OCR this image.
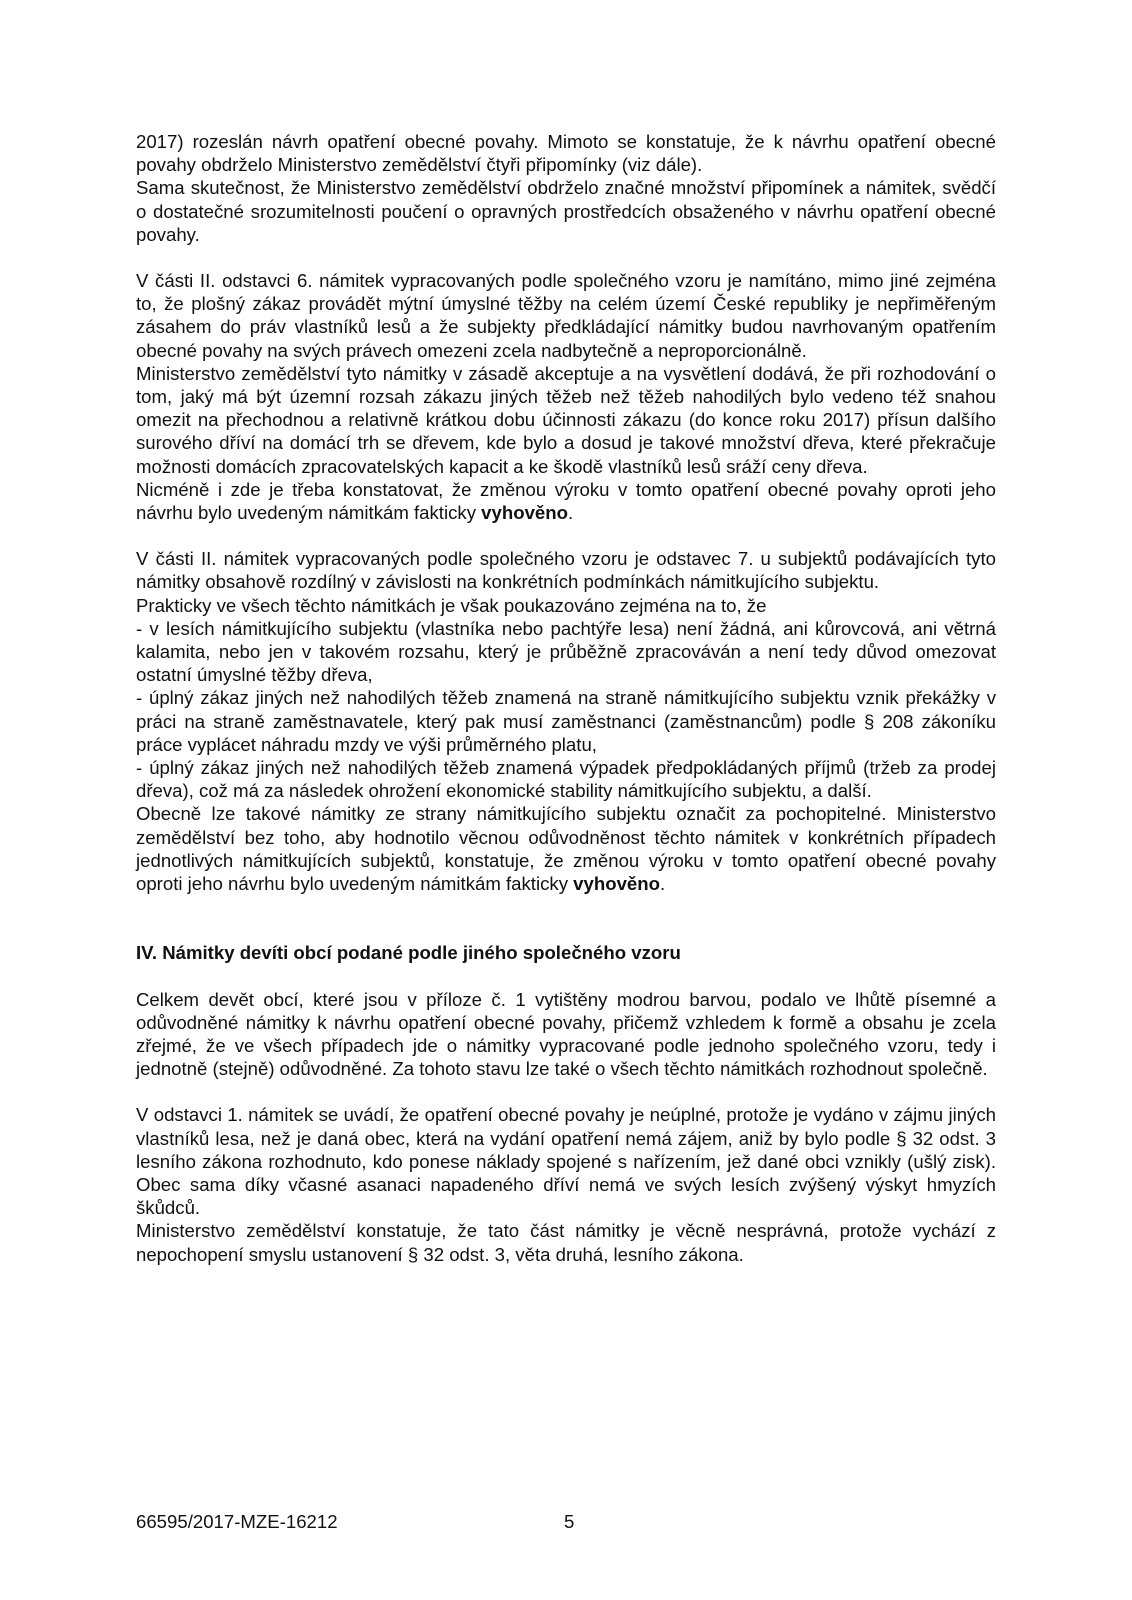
2017) rozeslán návrh opatření obecné povahy. Mimoto se konstatuje, že k návrhu opatření obecné povahy obdrželo Ministerstvo zemědělství čtyři připomínky (viz dále).

Sama skutečnost, že Ministerstvo zemědělství obdrželo značné množství připomínek a námitek, svědčí o dostatečné srozumitelnosti poučení o opravných prostředcích obsaženého v návrhu opatření obecné povahy.

V části II. odstavci 6. námitek vypracovaných podle společného vzoru je namítáno, mimo jiné zejména to, že plošný zákaz provádět mýtní úmyslné těžby na celém území České republiky je nepřiměřeným zásahem do práv vlastníků lesů a že subjekty předkládající námitky budou navrhovaným opatřením obecné povahy na svých právech omezeni zcela nadbytečně a neproporcionálně.

Ministerstvo zemědělství tyto námitky v zásadě akceptuje a na vysvětlení dodává, že při rozhodování o tom, jaký má být územní rozsah zákazu jiných těžeb než těžeb nahodilých bylo vedeno též snahou omezit na přechodnou a relativně krátkou dobu účinnosti zákazu (do konce roku 2017) přísun dalšího surového dříví na domácí trh se dřevem, kde bylo a dosud je takové množství dřeva, které překračuje možnosti domácích zpracovatelských kapacit a ke škodě vlastníků lesů sráží ceny dřeva.

Nicméně i zde je třeba konstatovat, že změnou výroku v tomto opatření obecné povahy oproti jeho návrhu bylo uvedeným námitkám fakticky vyhověno.

V části II. námitek vypracovaných podle společného vzoru je odstavec 7. u subjektů podávajících tyto námitky obsahově rozdílný v závislosti na konkrétních podmínkách námitkujícího subjektu.

Prakticky ve všech těchto námitkách je však poukazováno zejména na to, že

- v lesích námitkujícího subjektu (vlastníka nebo pachtýře lesa) není žádná, ani kůrovcová, ani větrná kalamita, nebo jen v takovém rozsahu, který je průběžně zpracováván a není tedy důvod omezovat ostatní úmyslné těžby dřeva,

- úplný zákaz jiných než nahodilých těžeb znamená na straně námitkujícího subjektu vznik překážky v práci na straně zaměstnavatele, který pak musí zaměstnanci (zaměstnancům) podle § 208 zákoníku práce vyplácet náhradu mzdy ve výši průměrného platu,

- úplný zákaz jiných než nahodilých těžeb znamená výpadek předpokládaných příjmů (tržeb za prodej dřeva), což má za následek ohrožení ekonomické stability námitkujícího subjektu, a další.

Obecně lze takové námitky ze strany námitkujícího subjektu označit za pochopitelné. Ministerstvo zemědělství bez toho, aby hodnotilo věcnou odůvodněnost těchto námitek v konkrétních případech jednotlivých námitkujících subjektů, konstatuje, že změnou výroku v tomto opatření obecné povahy oproti jeho návrhu bylo uvedeným námitkám fakticky vyhověno.

IV. Námitky devíti obcí podané podle jiného společného vzoru

Celkem devět obcí, které jsou v příloze č. 1 vytištěny modrou barvou, podalo ve lhůtě písemné a odůvodněné námitky k návrhu opatření obecné povahy, přičemž vzhledem k formě a obsahu je zcela zřejmé, že ve všech případech jde o námitky vypracované podle jednoho společného vzoru, tedy i jednotně (stejně) odůvodněné. Za tohoto stavu lze také o všech těchto námitkách rozhodnout společně.

V odstavci 1. námitek se uvádí, že opatření obecné povahy je neúplné, protože je vydáno v zájmu jiných vlastníků lesa, než je daná obec, která na vydání opatření nemá zájem, aniž by bylo podle § 32 odst. 3 lesního zákona rozhodnuto, kdo ponese náklady spojené s nařízením, jež dané obci vznikly (ušlý zisk). Obec sama díky včasné asanaci napadeného dříví nemá ve svých lesích zvýšený výskyt hmyzích škůdců.

Ministerstvo zemědělství konstatuje, že tato část námitky je věcně nesprávná, protože vychází z nepochopení smyslu ustanovení § 32 odst. 3, věta druhá, lesního zákona.

66595/2017-MZE-16212	5
